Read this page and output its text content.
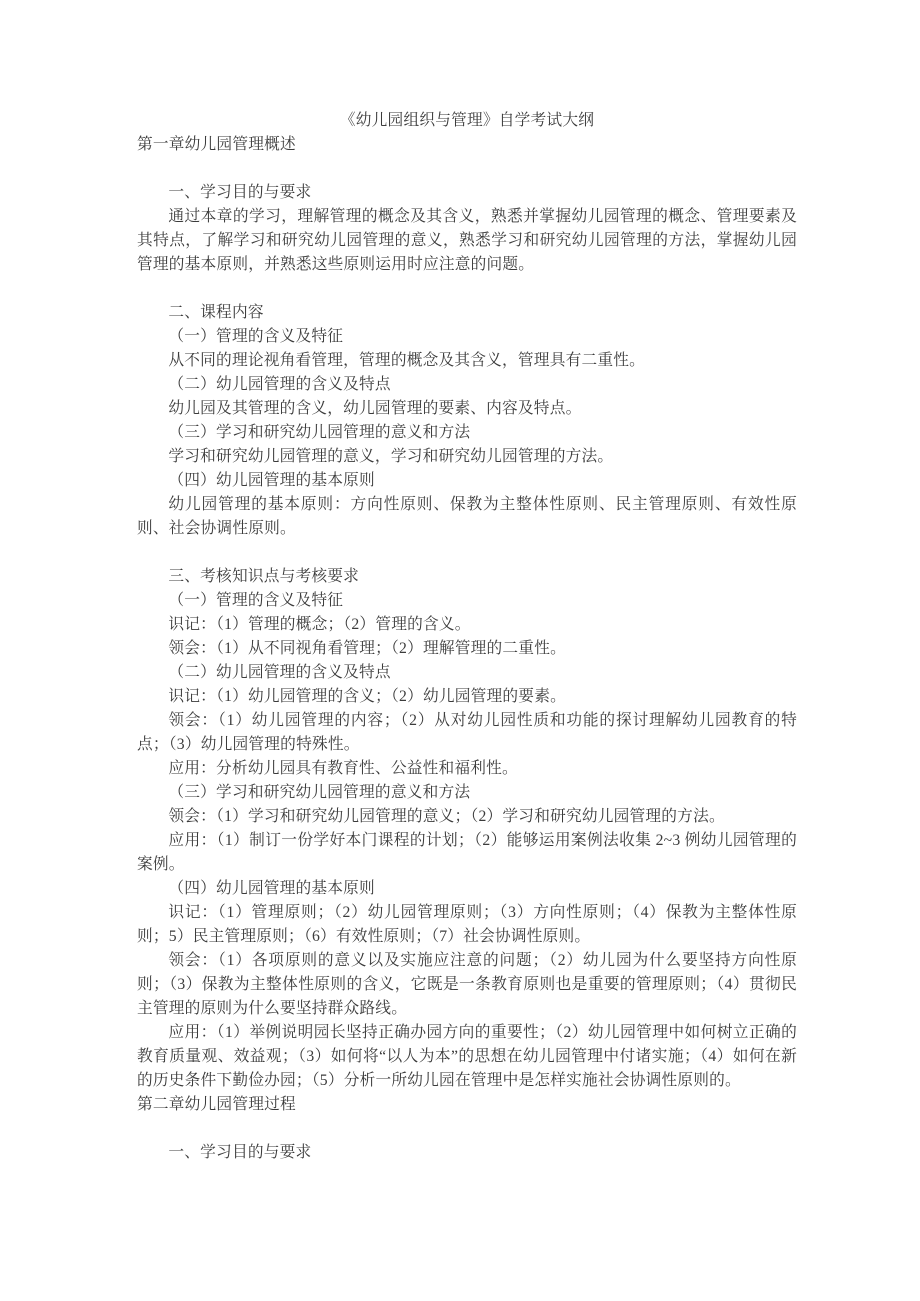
《幼儿园组织与管理》自学考试大纲

第一章幼儿园管理概述

一、学习目的与要求

通过本章的学习，理解管理的概念及其含义，熟悉并掌握幼儿园管理的概念、管理要素及其特点，了解学习和研究幼儿园管理的意义，熟悉学习和研究幼儿园管理的方法，掌握幼儿园管理的基本原则，并熟悉这些原则运用时应注意的问题。

二、课程内容

（一）管理的含义及特征

从不同的理论视角看管理，管理的概念及其含义，管理具有二重性。

（二）幼儿园管理的含义及特点

幼儿园及其管理的含义，幼儿园管理的要素、内容及特点。

（三）学习和研究幼儿园管理的意义和方法

学习和研究幼儿园管理的意义，学习和研究幼儿园管理的方法。

（四）幼儿园管理的基本原则

幼儿园管理的基本原则：方向性原则、保教为主整体性原则、民主管理原则、有效性原则、社会协调性原则。

三、考核知识点与考核要求

（一）管理的含义及特征

识记：（1）管理的概念；（2）管理的含义。

领会：（1）从不同视角看管理；（2）理解管理的二重性。

（二）幼儿园管理的含义及特点

识记：（1）幼儿园管理的含义；（2）幼儿园管理的要素。

领会：（1）幼儿园管理的内容；（2）从对幼儿园性质和功能的探讨理解幼儿园教育的特点；（3）幼儿园管理的特殊性。

应用：分析幼儿园具有教育性、公益性和福利性。

（三）学习和研究幼儿园管理的意义和方法

领会：（1）学习和研究幼儿园管理的意义；（2）学习和研究幼儿园管理的方法。

应用：（1）制订一份学好本门课程的计划；（2）能够运用案例法收集 2~3 例幼儿园管理的案例。

（四）幼儿园管理的基本原则

识记：（1）管理原则；（2）幼儿园管理原则；（3）方向性原则；（4）保教为主整体性原则；5）民主管理原则；（6）有效性原则；（7）社会协调性原则。

领会：（1）各项原则的意义以及实施应注意的问题；（2）幼儿园为什么要坚持方向性原则；（3）保教为主整体性原则的含义，它既是一条教育原则也是重要的管理原则；（4）贯彻民主管理的原则为什么要坚持群众路线。

应用：（1）举例说明园长坚持正确办园方向的重要性；（2）幼儿园管理中如何树立正确的教育质量观、效益观；（3）如何将“以人为本”的思想在幼儿园管理中付诸实施；（4）如何在新的历史条件下勤俭办园；（5）分析一所幼儿园在管理中是怎样实施社会协调性原则的。

第二章幼儿园管理过程

一、学习目的与要求
